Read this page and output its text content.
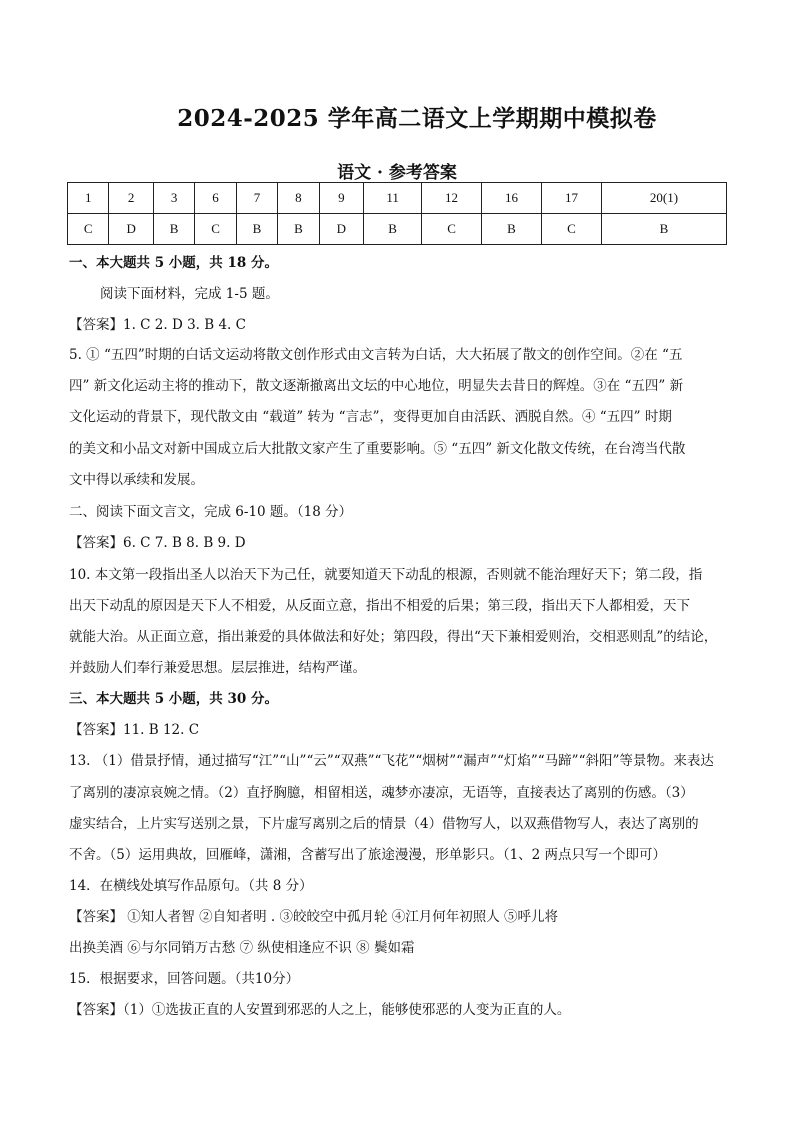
2024-2025 学年高二语文上学期期中模拟卷
语文 · 参考答案
1	2	3	6	7	8	9	11	12	16	17	20(1)
C	D	B	C	B	B	D	B	C	B	C	B
一、本大题共 5 小题，共 18 分。
阅读下面材料，完成 1-5 题。
【答案】1. C 2. D 3. B 4. C
5. ① “五四”时期的白话文运动将散文创作形式由文言转为白话，大大拓展了散文的创作空间。②在 “五
四” 新文化运动主将的推动下，散文逐渐撤离出文坛的中心地位，明显失去昔日的辉煌。③在 “五四” 新
文化运动的背景下，现代散文由 “载道” 转为 “言志”，变得更加自由活跃、洒脱自然。④ “五四” 时期
的美文和小品文对新中国成立后大批散文家产生了重要影响。⑤ “五四” 新文化散文传统，在台湾当代散
文中得以承续和发展。
二、阅读下面文言文，完成 6-10 题。（18 分）
【答案】6. C 7. B 8. B 9. D
10. 本文第一段指出圣人以治天下为己任，就要知道天下动乱的根源，否则就不能治理好天下；第二段，指
出天下动乱的原因是天下人不相爱，从反面立意，指出不相爱的后果；第三段，指出天下人都相爱，天下
就能大治。从正面立意，指出兼爱的具体做法和好处；第四段，得出“天下兼相爱则治，交相恶则乱”的结论，
并鼓励人们奉行兼爱思想。层层推进，结构严谨。
三、本大题共 5 小题，共 30 分。
【答案】11. B 12. C
13. （1）借景抒情，通过描写“江”“山”“云”“双燕”“飞花”“烟树”“漏声”“灯焰”“马蹄”“斜阳”等景物。来表达
了离别的凄凉哀婉之情。（2）直抒胸臆，相留相送，魂梦亦凄凉，无语等，直接表达了离别的伤感。（3）
虚实结合，上片实写送别之景，下片虚写离别之后的情景（4）借物写人，以双燕借物写人，表达了离别的
不舍。（5）运用典故，回雁峰，潇湘，含蓄写出了旅途漫漫，形单影只。（1、2 两点只写一个即可）
14．在横线处填写作品原句。（共 8 分）
【答案】 ①知人者智 ②自知者明 . ③皎皎空中孤月轮 ④江月何年初照人 ⑤呼儿将
出换美酒 ⑥与尔同销万古愁 ⑦ 纵使相逢应不识 ⑧ 鬓如霜
15．根据要求，回答问题。（共10分）
【答案】（1）①选拔正直的人安置到邪恶的人之上，能够使邪恶的人变为正直的人。
